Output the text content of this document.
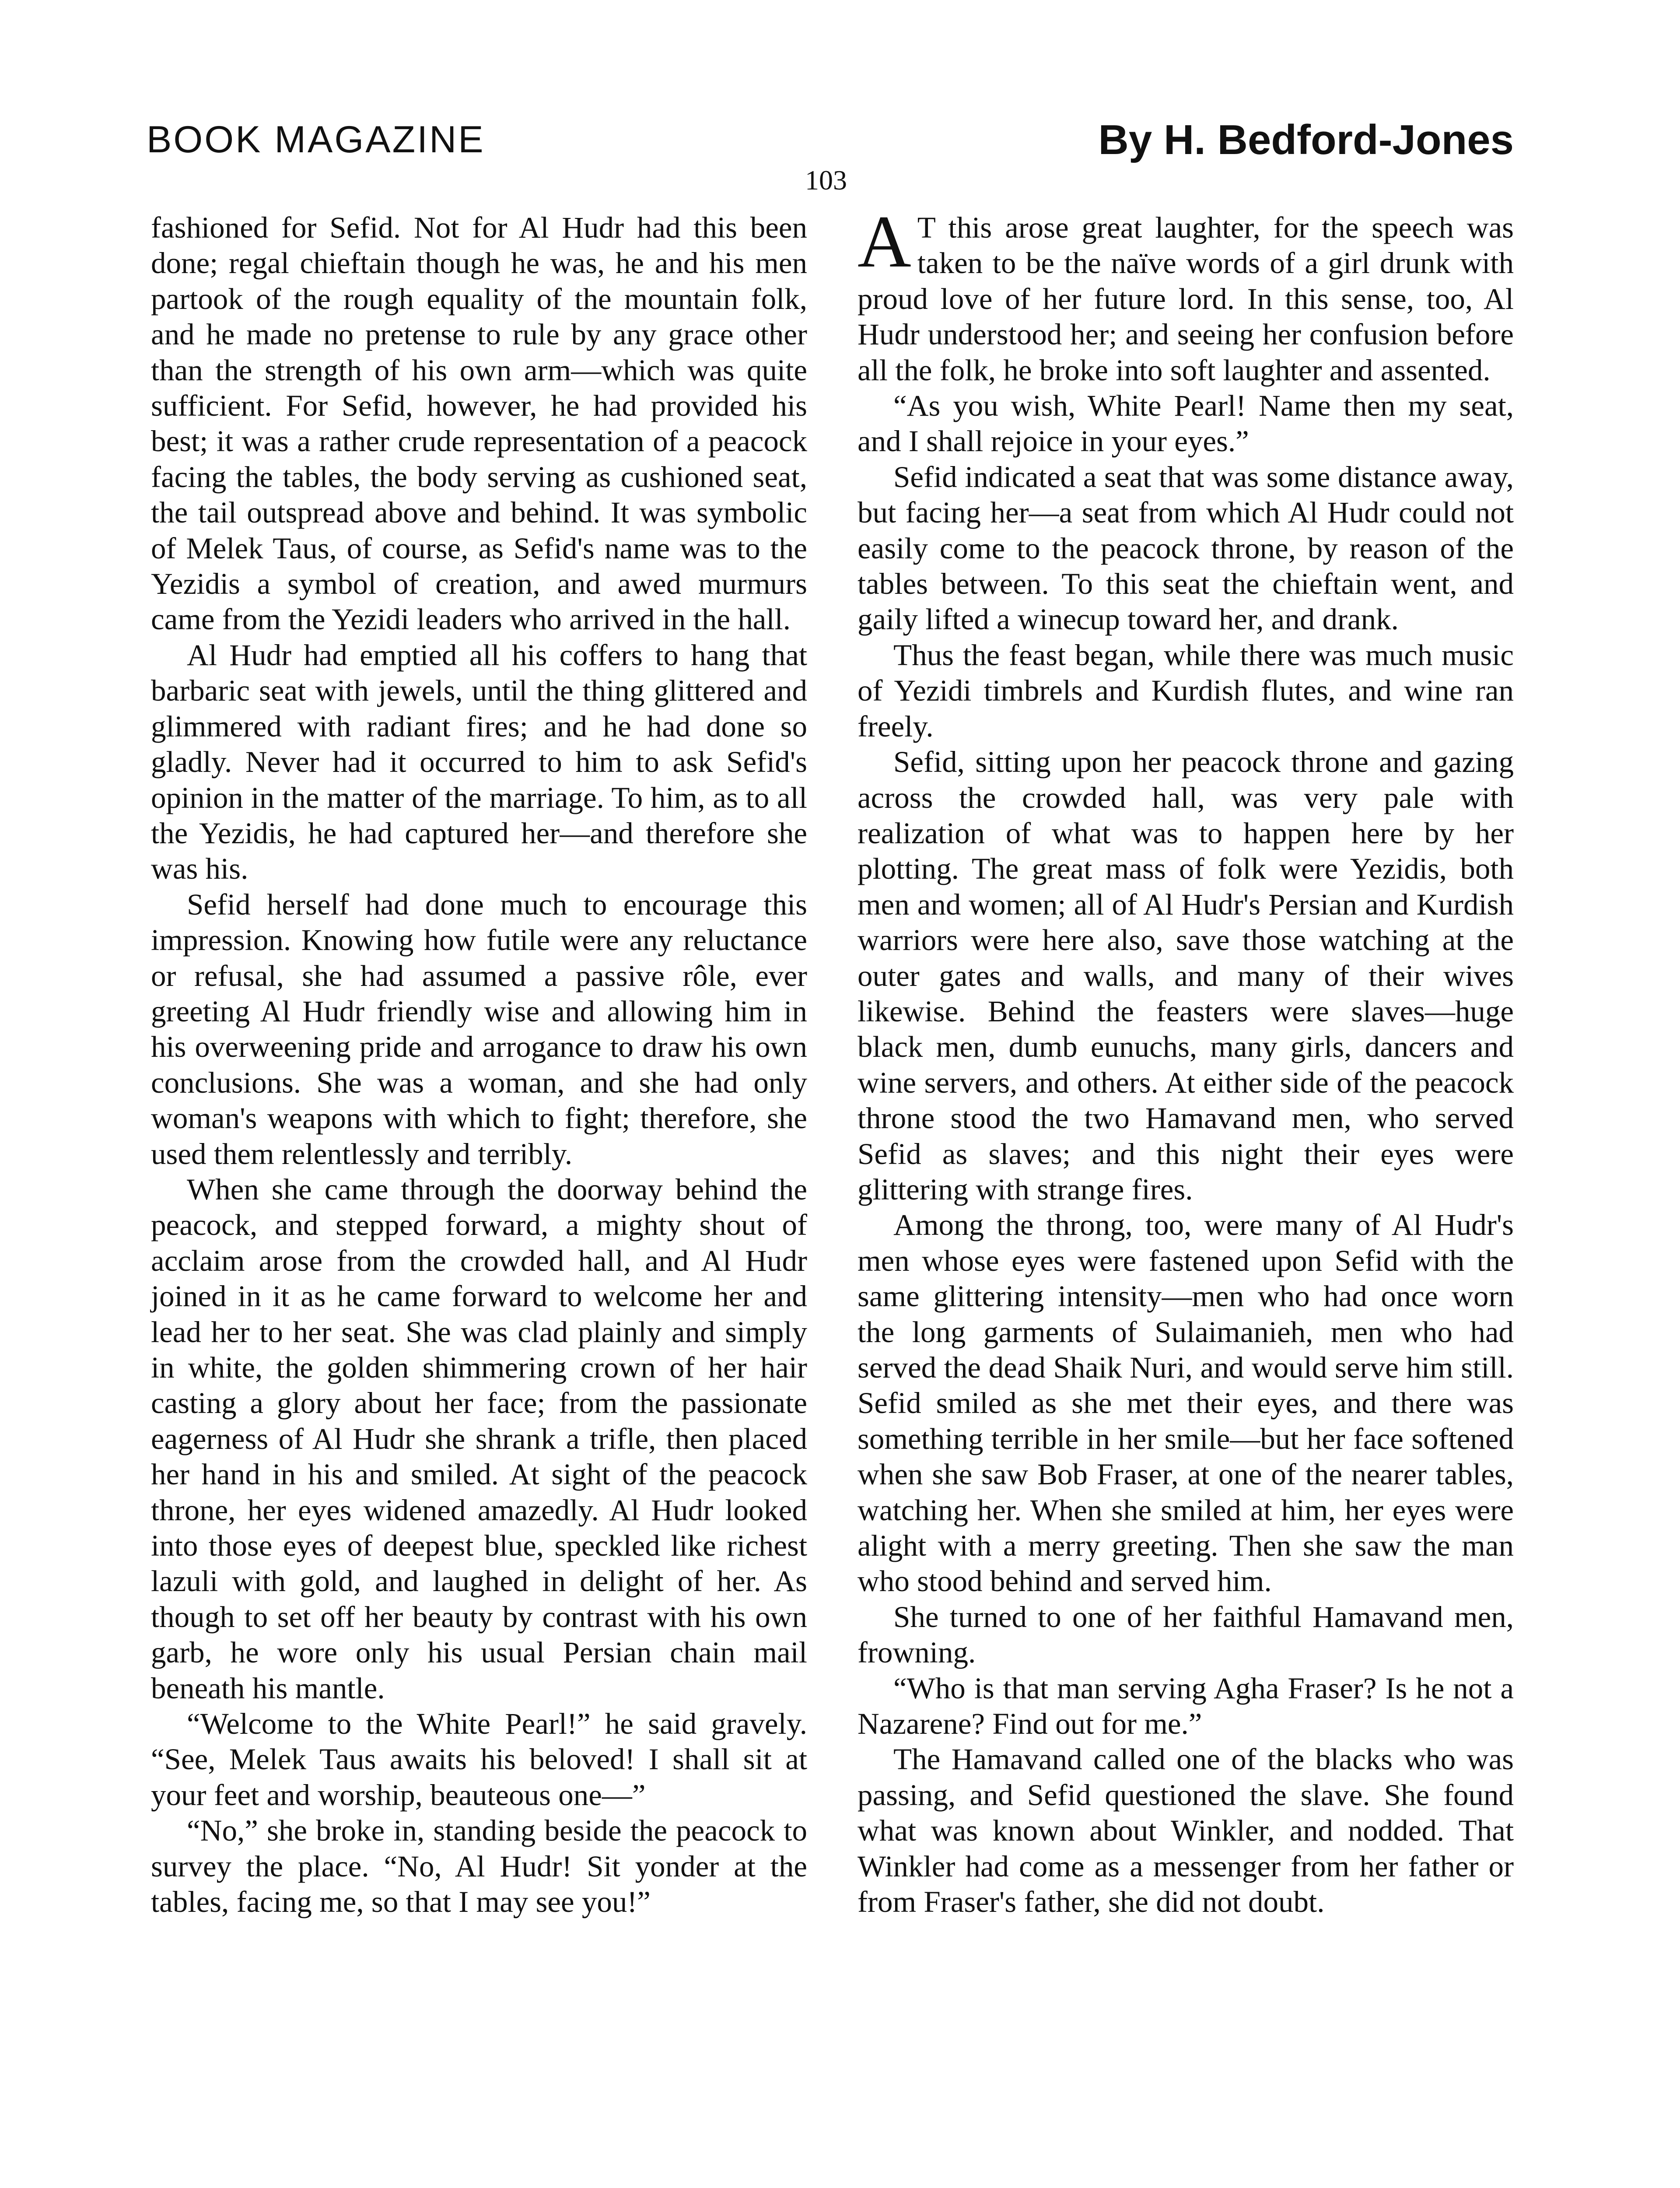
BOOK MAGAZINE	By H. Bedford-Jones
103

fashioned for Sefid. Not for Al Hudr had this been done; regal chieftain though he was, he and his men partook of the rough equality of the mountain folk, and he made no pretense to rule by any grace other than the strength of his own arm—which was quite sufficient. For Sefid, however, he had provided his best; it was a rather crude representation of a peacock facing the tables, the body serving as cushioned seat, the tail outspread above and behind. It was symbolic of Melek Taus, of course, as Sefid's name was to the Yezidis a symbol of creation, and awed murmurs came from the Yezidi leaders who arrived in the hall.

Al Hudr had emptied all his coffers to hang that barbaric seat with jewels, until the thing glittered and glimmered with radiant fires; and he had done so gladly. Never had it occurred to him to ask Sefid's opinion in the matter of the marriage. To him, as to all the Yezidis, he had captured her—and therefore she was his.

Sefid herself had done much to encourage this impression. Knowing how futile were any reluctance or refusal, she had assumed a passive rôle, ever greeting Al Hudr friendly wise and allowing him in his overweening pride and arrogance to draw his own conclusions. She was a woman, and she had only woman's weapons with which to fight; therefore, she used them relentlessly and terribly.

When she came through the doorway behind the peacock, and stepped forward, a mighty shout of acclaim arose from the crowded hall, and Al Hudr joined in it as he came forward to welcome her and lead her to her seat. She was clad plainly and simply in white, the golden shimmering crown of her hair casting a glory about her face; from the passionate eagerness of Al Hudr she shrank a trifle, then placed her hand in his and smiled. At sight of the peacock throne, her eyes widened amazedly. Al Hudr looked into those eyes of deepest blue, speckled like richest lazuli with gold, and laughed in delight of her. As though to set off her beauty by contrast with his own garb, he wore only his usual Persian chain mail beneath his mantle.

“Welcome to the White Pearl!” he said gravely. “See, Melek Taus awaits his beloved! I shall sit at your feet and worship, beauteous one—”

“No,” she broke in, standing beside the peacock to survey the place. “No, Al Hudr! Sit yonder at the tables, facing me, so that I may see you!”

A T this arose great laughter, for the speech was taken to be the naïve words of a girl drunk with proud love of her future lord. In this sense, too, Al Hudr understood her; and seeing her confusion before all the folk, he broke into soft laughter and assented.

“As you wish, White Pearl! Name then my seat, and I shall rejoice in your eyes.”

Sefid indicated a seat that was some distance away, but facing her—a seat from which Al Hudr could not easily come to the peacock throne, by reason of the tables between. To this seat the chieftain went, and gaily lifted a winecup toward her, and drank.

Thus the feast began, while there was much music of Yezidi timbrels and Kurdish flutes, and wine ran freely.

Sefid, sitting upon her peacock throne and gazing across the crowded hall, was very pale with realization of what was to happen here by her plotting. The great mass of folk were Yezidis, both men and women; all of Al Hudr's Persian and Kurdish warriors were here also, save those watching at the outer gates and walls, and many of their wives likewise. Behind the feasters were slaves—huge black men, dumb eunuchs, many girls, dancers and wine servers, and others. At either side of the peacock throne stood the two Hamavand men, who served Sefid as slaves; and this night their eyes were glittering with strange fires.

Among the throng, too, were many of Al Hudr's men whose eyes were fastened upon Sefid with the same glittering intensity—men who had once worn the long garments of Sulaimanieh, men who had served the dead Shaik Nuri, and would serve him still. Sefid smiled as she met their eyes, and there was something terrible in her smile—but her face softened when she saw Bob Fraser, at one of the nearer tables, watching her. When she smiled at him, her eyes were alight with a merry greeting. Then she saw the man who stood behind and served him.

She turned to one of her faithful Hamavand men, frowning.

“Who is that man serving Agha Fraser? Is he not a Nazarene? Find out for me.”

The Hamavand called one of the blacks who was passing, and Sefid questioned the slave. She found what was known about Winkler, and nodded. That Winkler had come as a messenger from her father or from Fraser's father, she did not doubt.
